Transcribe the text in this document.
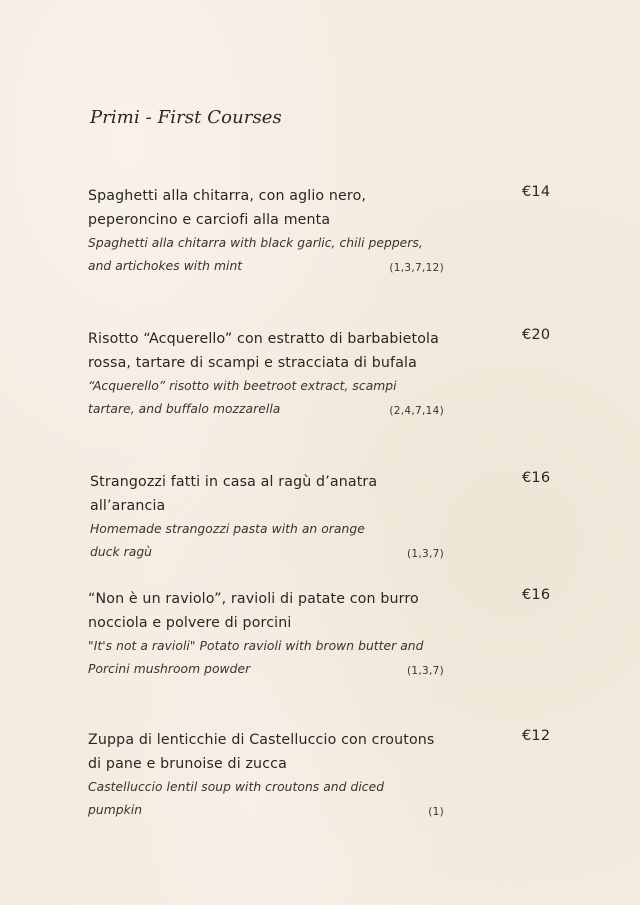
Primi - First Courses
Spaghetti alla chitarra, con aglio nero, peperoncino e carciofi alla menta
Spaghetti alla chitarra with black garlic, chili peppers, and artichokes with mint	(1,3,7,12)
€14
Risotto “Acquerello” con estratto di barbabietola rossa, tartare di scampi e stracciata di bufala
“Acquerello” risotto with beetroot extract, scampi tartare, and buffalo mozzarella	(2,4,7,14)
€20
Strangozzi fatti in casa al ragù d’anatra all’arancia
Homemade strangozzi pasta with an orange duck ragù	(1,3,7)
€16
“Non è un raviolo”, ravioli di patate con burro nocciola e polvere di porcini
"It's not a ravioli" Potato ravioli with brown butter and Porcini mushroom powder	(1,3,7)
€16
Zuppa di lenticchie di Castelluccio con croutons di pane e brunoise di zucca
Castelluccio lentil soup with croutons and diced pumpkin	(1)
€12
